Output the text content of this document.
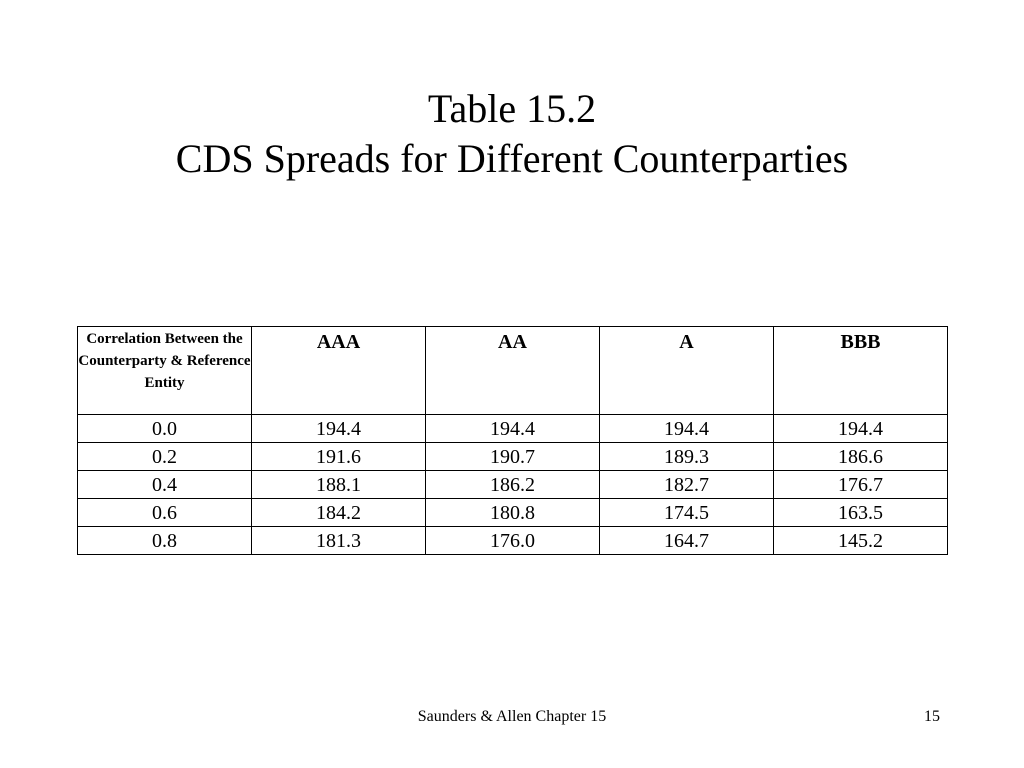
Table 15.2
CDS Spreads for Different Counterparties
Correlation Between the Counterparty & Reference Entity	AAA	AA	A	BBB
0.0	194.4	194.4	194.4	194.4
0.2	191.6	190.7	189.3	186.6
0.4	188.1	186.2	182.7	176.7
0.6	184.2	180.8	174.5	163.5
0.8	181.3	176.0	164.7	145.2
Saunders & Allen Chapter 15	15
